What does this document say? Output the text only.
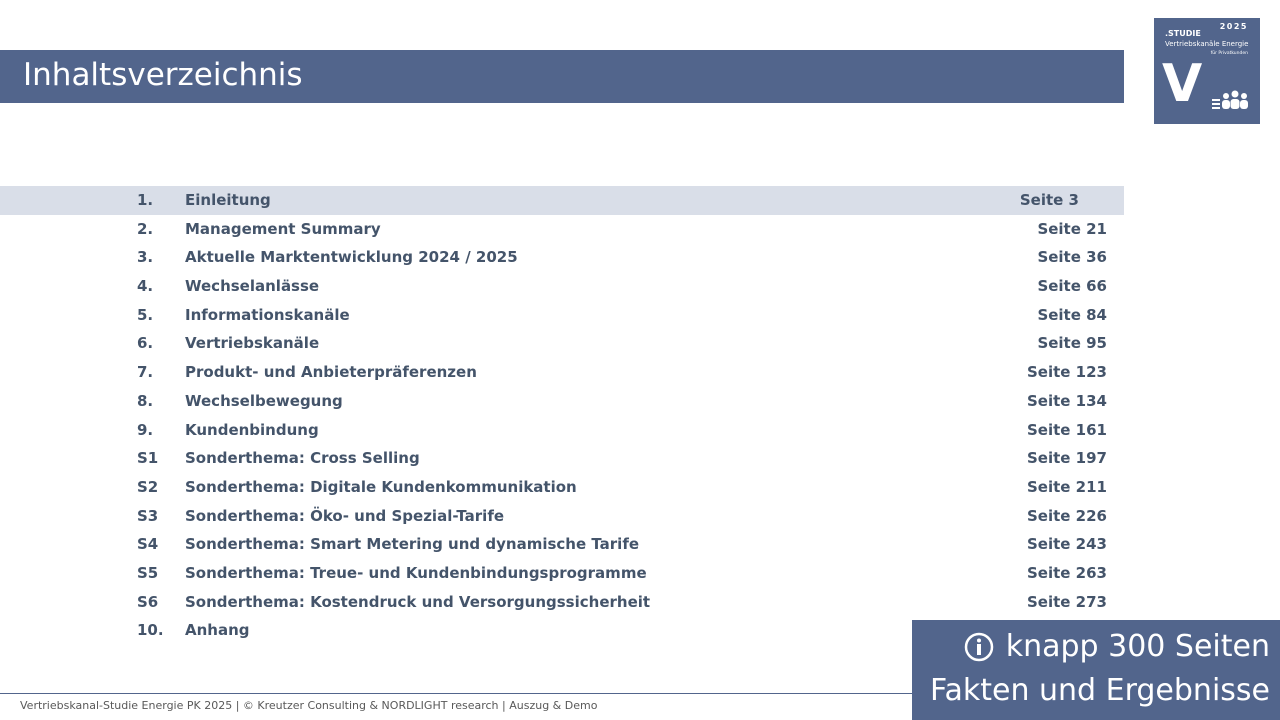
Inhaltsverzeichnis
.STUDIE
2025
Vertriebskanäle Energie
für Privatkunden
V
1. Einleitung	Seite 3
2. Management Summary	Seite 21
3. Aktuelle Marktentwicklung 2024 / 2025	Seite 36
4. Wechselanlässe	Seite 66
5. Informationskanäle	Seite 84
6. Vertriebskanäle	Seite 95
7. Produkt- und Anbieterpräferenzen	Seite 123
8. Wechselbewegung	Seite 134
9. Kundenbindung	Seite 161
S1 Sonderthema: Cross Selling	Seite 197
S2 Sonderthema: Digitale Kundenkommunikation	Seite 211
S3 Sonderthema: Öko- und Spezial-Tarife	Seite 226
S4 Sonderthema: Smart Metering und dynamische Tarife	Seite 243
S5 Sonderthema: Treue- und Kundenbindungsprogramme	Seite 263
S6 Sonderthema: Kostendruck und Versorgungssicherheit	Seite 273
10. Anhang
Vertriebskanal-Studie Energie PK 2025 | © Kreutzer Consulting & NORDLIGHT research | Auszug & Demo
knapp 300 Seiten
Fakten und Ergebnisse
